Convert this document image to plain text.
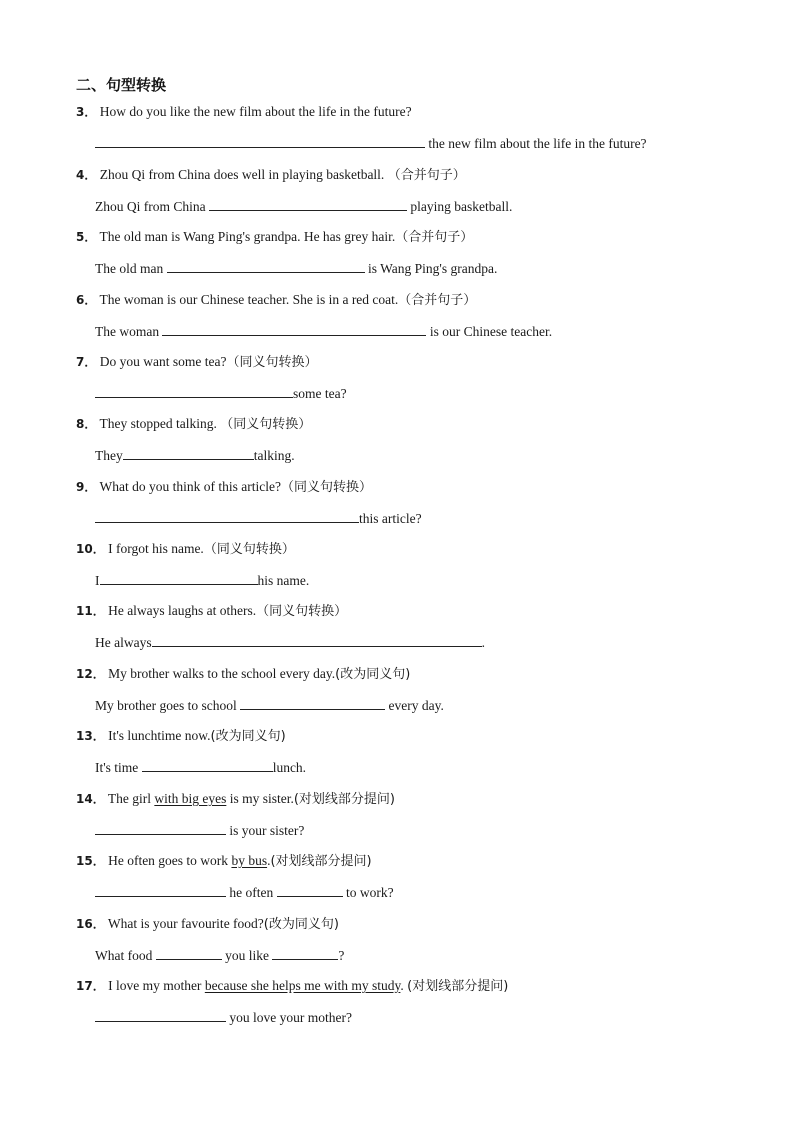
二、句型转换
3． How do you like the new film about the life in the future?
the new film about the life in the future?
4． Zhou Qi from China does well in playing basketball. （合并句子）
Zhou Qi from China	playing basketball.
5． The old man is Wang Ping's grandpa. He has grey hair.（合并句子）
The old man	is Wang Ping's grandpa.
6． The woman is our Chinese teacher. She is in a red coat.（合并句子）
The woman	is our Chinese teacher.
7． Do you want some tea?（同义句转换）
some tea?
8． They stopped talking. （同义句转换）
They	talking.
9． What do you think of this article?（同义句转换）
this article?
10． I forgot his name.（同义句转换）
I	his name.
11． He always laughs at others.（同义句转换）
He always	.
12． My brother walks to the school every day.(改为同义句)
My brother goes to school	every day.
13． It's lunchtime now.(改为同义句)
It's time	lunch.
14． The girl with big eyes is my sister.(对划线部分提问)
is your sister?
15． He often goes to work by bus.(对划线部分提问)
he often	to work?
16． What is your favourite food?(改为同义句)
What food	you like	?
17． I love my mother because she helps me with my study. (对划线部分提问)
you love your mother?
